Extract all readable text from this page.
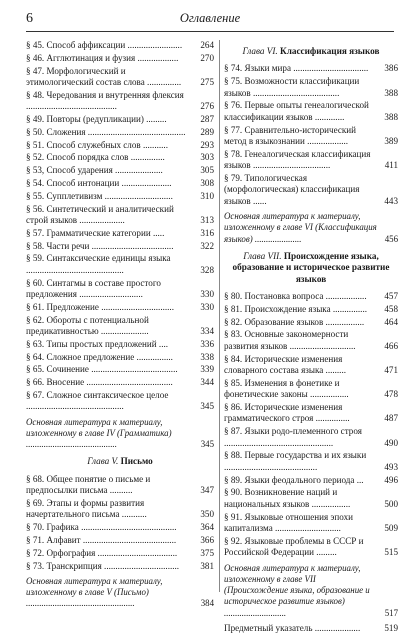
6	Оглавление
§ 45. Способ аффиксации ........................	264
§ 46. Агглютинация и фузия ..................	270
§ 47. Морфологический и этимологический состав слова ...............	275
§ 48. Чередования и внутренняя флексия ........................................	276
§ 49. Повторы (редупликации) .........	287
§ 50. Сложения ...........................................	289
§ 51. Способ служебных слов ...........	293
§ 52. Способ порядка слов ...............	303
§ 53, Способ ударения .....................	305
§ 54. Способ интонации ......................	308
§ 55. Супплетивизм ..............................	310
§ 56. Синтетический и аналитический строй языков ....................	313
§ 57. Грамматические категории .....	316
§ 58. Части речи ....................................	322
§ 59. Синтаксические единицы языка ...........................................	328
§ 60. Синтагмы в составе простого предложения ............................	330
§ 61. Предложение ................................	330
§ 62. Обороты с потенциальной предикативностью .....................	334
§ 63. Типы простых предложений ....	336
§ 64. Сложное предложение ................	338
§ 65. Сочинение ......................................	339
§ 66. Вносение ......................................	344
§ 67. Сложное синтаксическое целое ...........................................	345
Основная литература к материалу, изложенному в главе IV (Грамматика) .........................................	345
Глава V. Письмо
§ 68. Общее понятие о письме и предпосылки письма ..........	347
§ 69. Этапы и формы развития начертательного письма ...........	350
§ 70. Графика ..........................................	364
§ 71. Алфавит .........................................	366
§ 72. Орфография ...................................	375
§ 73. Транскрипция .................................	381
Основная литература к материалу, изложенному в главе V (Письмо) .................................................	384
Глава VI. Классификация языков
§ 74. Языки мира .................................	386
§ 75. Возможности классификации языков ......................................	388
§ 76. Первые опыты генеалогической классификации языков .............	388
§ 77. Сравнительно-исторический метод в языкознании ..................	389
§ 78. Генеалогическая классификация языков ..................................	411
§ 79. Типологическая (морфологическая) классификация языков ......	443
Основная литература к материалу, изложенному в главе VI (Классификация языков) .....................	456
Глава VII. Происхождение языка, образование и историческое развитие языков
§ 80. Постановка вопроса ..................	457
§ 81. Происхождение языка ...............	458
§ 82. Образование языков .................	464
§ 83. Основные закономерности развития языков .............................	466
§ 84. Исторические изменения словарного состава языка .........	471
§ 85. Изменения в фонетике и фонетические законы .................	478
§ 86. Исторические изменения грамматического строя ...............	487
§ 87. Языки родо-племенного строя ................................................	490
§ 88. Первые государства и их языки .........................................	493
§ 89. Языки феодального периода ...	496
§ 90. Возникновение наций и национальных языков .................	500
§ 91. Языковые отношения эпохи капитализма .............................	509
§ 92. Языковые проблемы в СССР и Российской Федерации .........	515
Основная литература к материалу, изложенному в главе VII (Происхождение языка, образование и историческое развитие языков) ............................	517
Предметный указатель ....................	519
